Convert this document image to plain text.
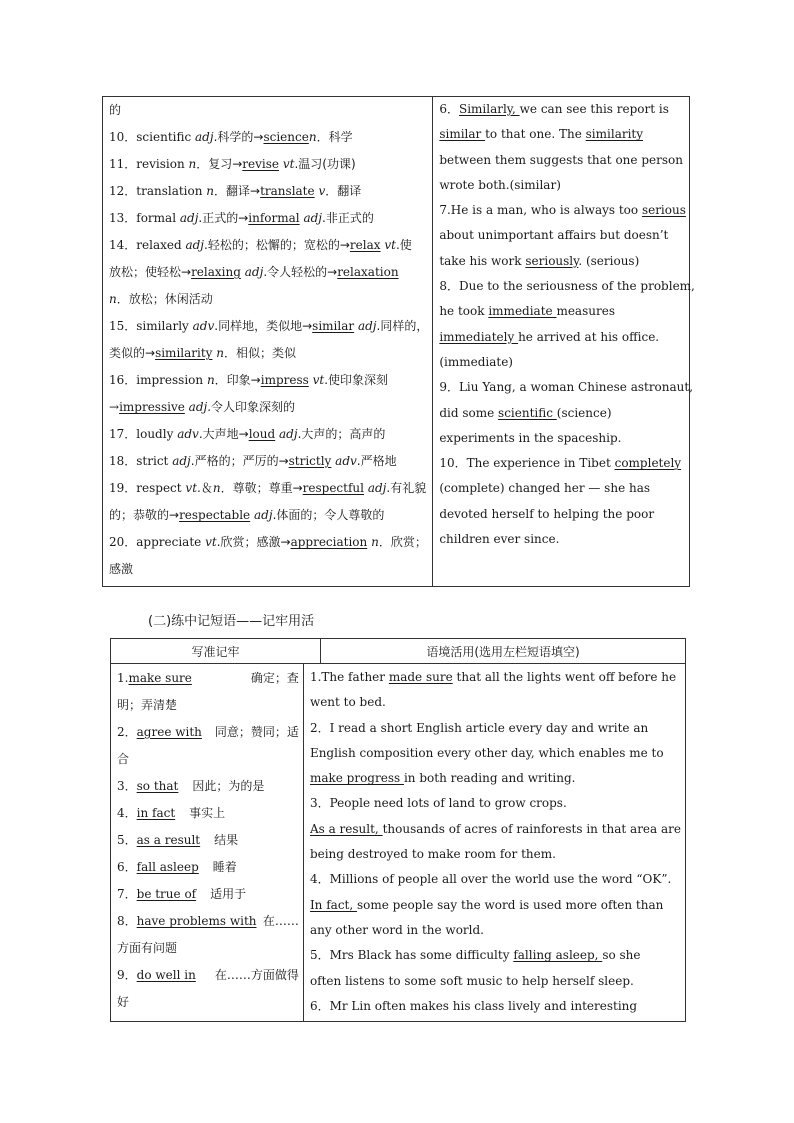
的
10．scientific adj.科学的→sciencen．科学
11．revision n．复习→revise vt.温习(功课)
12．translation n．翻译→translate v．翻译
13．formal adj.正式的→informal adj.非正式的
14．relaxed adj.轻松的；松懈的；宽松的→relax vt.使
放松；使轻松→relaxing adj.令人轻松的→relaxation
n．放松；休闲活动
15．similarly adv.同样地，类似地→similar adj.同样的，
类似的→similarity n．相似；类似
16．impression n．印象→impress vt.使印象深刻
→impressive adj.令人印象深刻的
17．loudly adv.大声地→loud adj.大声的；高声的
18．strict adj.严格的；严厉的→strictly adv.严格地
19．respect vt.＆n．尊敬；尊重→respectful adj.有礼貌
的；恭敬的→respectable adj.体面的；令人尊敬的
20．appreciate vt.欣赏；感激→appreciation n．欣赏；
感激
6．Similarly, we can see this report is
similar to that one. The similarity
between them suggests that one person
wrote both.(similar)
7.He is a man, who is always too serious
about unimportant affairs but doesn’t
take his work seriously. (serious)
8．Due to the seriousness of the problem,
he took immediate measures
immediately he arrived at his office.
(immediate)
9．Liu Yang, a woman Chinese astronaut,
did some scientific (science)
experiments in the spaceship.
10．The experience in Tibet completely
(complete) changed her — she has
devoted herself to helping the poor
children ever since.
(二)练中记短语——记牢用活
写准记牢	语境活用(选用左栏短语填空)
1.make sure	确定；查
明；弄清楚
2．agree with 同意；赞同；适
合
3．so that 因此；为的是
4．in fact 事实上
5．as a result 结果
6．fall asleep 睡着
7．be true of 适用于
8．have problems with 在……
方面有问题
9．do well in 在……方面做得
好
1.The father made sure that all the lights went off before he
went to bed.
2．I read a short English article every day and write an
English composition every other day, which enables me to
make progress in both reading and writing.
3．People need lots of land to grow crops.
As a result, thousands of acres of rainforests in that area are
being destroyed to make room for them.
4．Millions of people all over the world use the word “OK”.
In fact, some people say the word is used more often than
any other word in the world.
5．Mrs Black has some difficulty falling asleep, so she
often listens to some soft music to help herself sleep.
6．Mr Lin often makes his class lively and interesting
